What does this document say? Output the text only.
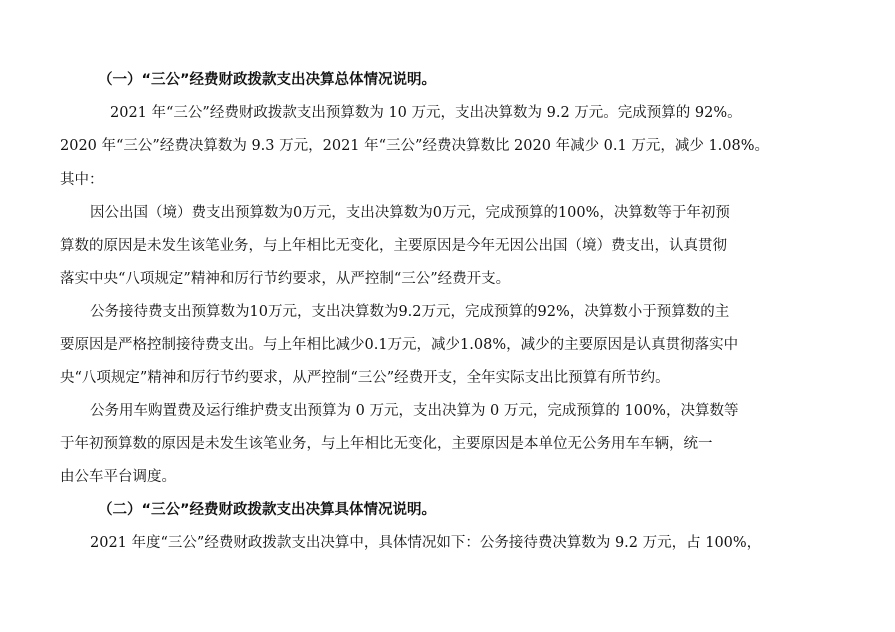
（一）“三公”经费财政拨款支出决算总体情况说明。
2021 年“三公”经费财政拨款支出预算数为 10 万元，支出决算数为 9.2 万元。完成预算的 92%。
2020 年“三公”经费决算数为 9.3 万元，2021 年“三公”经费决算数比 2020 年减少 0.1 万元，减少 1.08%。
其中：
因公出国（境）费支出预算数为0万元，支出决算数为0万元，完成预算的100%，决算数等于年初预
算数的原因是未发生该笔业务，与上年相比无变化，主要原因是今年无因公出国（境）费支出，认真贯彻
落实中央“八项规定”精神和厉行节约要求，从严控制“三公”经费开支。
公务接待费支出预算数为10万元，支出决算数为9.2万元，完成预算的92%，决算数小于预算数的主
要原因是严格控制接待费支出。与上年相比减少0.1万元，减少1.08%，减少的主要原因是认真贯彻落实中
央“八项规定”精神和厉行节约要求，从严控制“三公”经费开支，全年实际支出比预算有所节约。
公务用车购置费及运行维护费支出预算为 0 万元，支出决算为 0 万元，完成预算的 100%，决算数等
于年初预算数的原因是未发生该笔业务，与上年相比无变化，主要原因是本单位无公务用车车辆，统一
由公车平台调度。
（二）“三公”经费财政拨款支出决算具体情况说明。
2021 年度“三公”经费财政拨款支出决算中，具体情况如下：公务接待费决算数为 9.2 万元，占 100%，
